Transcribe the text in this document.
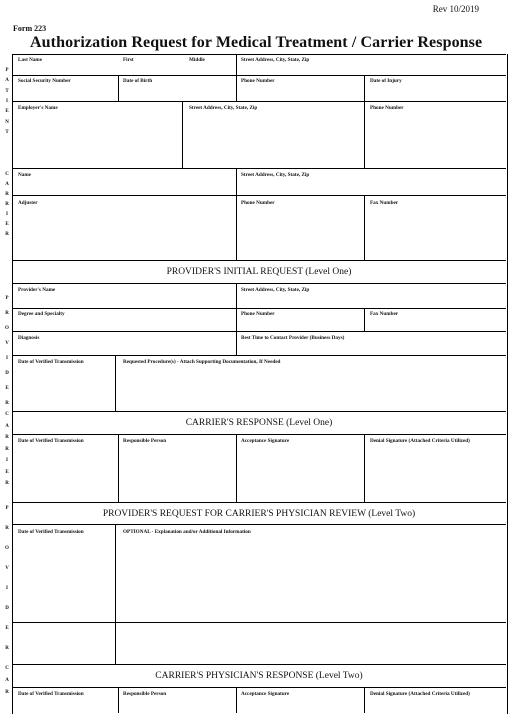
Rev 10/2019
Form 223
Authorization Request for Medical Treatment / Carrier Response
P
A
T
I
E
N
T
C
A
R
R
I
E
R
P
R
O
V
I
D
E
R
C
A
R
R
I
E
R
P
R
O
V
I
D
E
R
C
A
R
Last Name	First	Middle	Street Address, City, State, Zip
Social Security Number	Date of Birth	Phone Number	Date of Injury
Employer's Name	Street Address, City, State, Zip	Phone Number
Name	Street Address, City, State, Zip
Adjuster	Phone Number	Fax Number
PROVIDER'S INITIAL REQUEST (Level One)
Provider's Name	Street Address, City, State, Zip
Degree and Specialty	Phone Number	Fax Number
Diagnosis	Best Time to Contact Provider (Business Days)
Date of Verified Transmission	Requested Procedure(s) - Attach Supporting Documentation, If Needed
CARRIER'S RESPONSE (Level One)
Date of Verified Transmission	Responsible Person	Acceptance Signature	Denial Signature (Attached Criteria Utilized)
PROVIDER'S REQUEST FOR CARRIER'S PHYSICIAN REVIEW (Level Two)
Date of Verified Transmission	OPTIONAL - Explanation and/or Additional Information
CARRIER'S PHYSICIAN'S RESPONSE (Level Two)
Date of Verified Transmission	Responsible Person	Acceptance Signature	Denial Signature (Attached Criteria Utilized)
